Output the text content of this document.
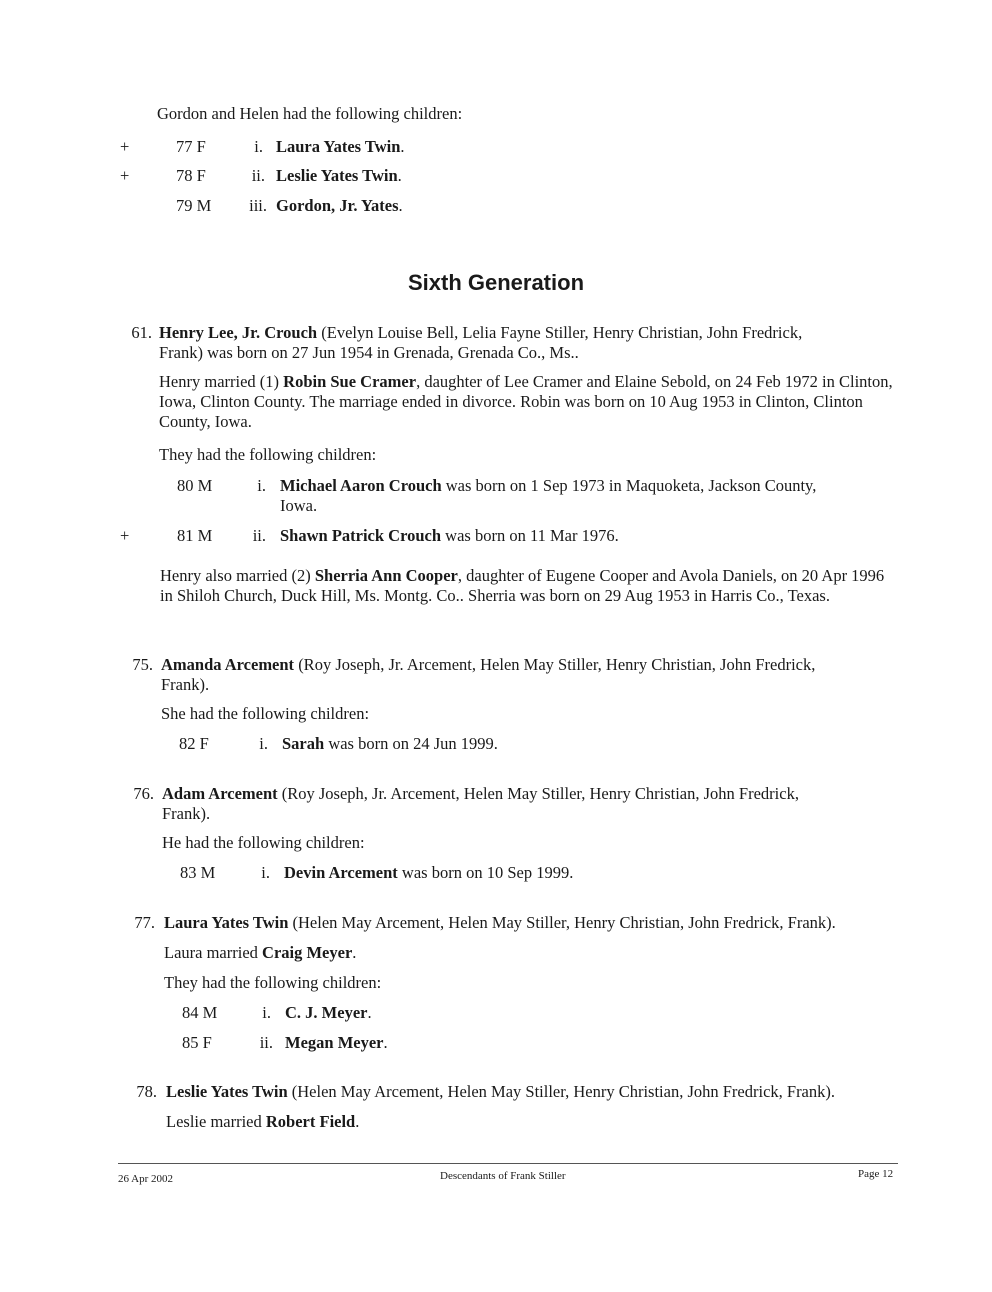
Gordon and Helen had the following children:
+	77 F	i. Laura Yates Twin.
+	78 F	ii. Leslie Yates Twin.
79 M	iii. Gordon, Jr. Yates.
Sixth Generation
61. Henry Lee, Jr. Crouch (Evelyn Louise Bell, Lelia Fayne Stiller, Henry Christian, John Fredrick,
Frank) was born on 27 Jun 1954 in Grenada, Grenada Co., Ms..
Henry married (1) Robin Sue Cramer, daughter of Lee Cramer and Elaine Sebold, on 24 Feb 1972 in Clinton, Iowa, Clinton County. The marriage ended in divorce. Robin was born on 10 Aug 1953 in Clinton, Clinton County, Iowa.
They had the following children:
80 M	i. Michael Aaron Crouch was born on 1 Sep 1973 in Maquoketa, Jackson County,
Iowa.
+	81 M	ii. Shawn Patrick Crouch was born on 11 Mar 1976.
Henry also married (2) Sherria Ann Cooper, daughter of Eugene Cooper and Avola Daniels, on 20 Apr 1996 in Shiloh Church, Duck Hill, Ms. Montg. Co.. Sherria was born on 29 Aug 1953 in Harris Co., Texas.
75. Amanda Arcement (Roy Joseph, Jr. Arcement, Helen May Stiller, Henry Christian, John Fredrick,
Frank).
She had the following children:
82 F	i. Sarah was born on 24 Jun 1999.
76. Adam Arcement (Roy Joseph, Jr. Arcement, Helen May Stiller, Henry Christian, John Fredrick,
Frank).
He had the following children:
83 M	i. Devin Arcement was born on 10 Sep 1999.
77. Laura Yates Twin (Helen May Arcement, Helen May Stiller, Henry Christian, John Fredrick, Frank).
Laura married Craig Meyer.
They had the following children:
84 M	i. C. J. Meyer.
85 F	ii. Megan Meyer.
78. Leslie Yates Twin (Helen May Arcement, Helen May Stiller, Henry Christian, John Fredrick, Frank).
Leslie married Robert Field.
26 Apr 2002	Descendants of Frank Stiller	Page 12
